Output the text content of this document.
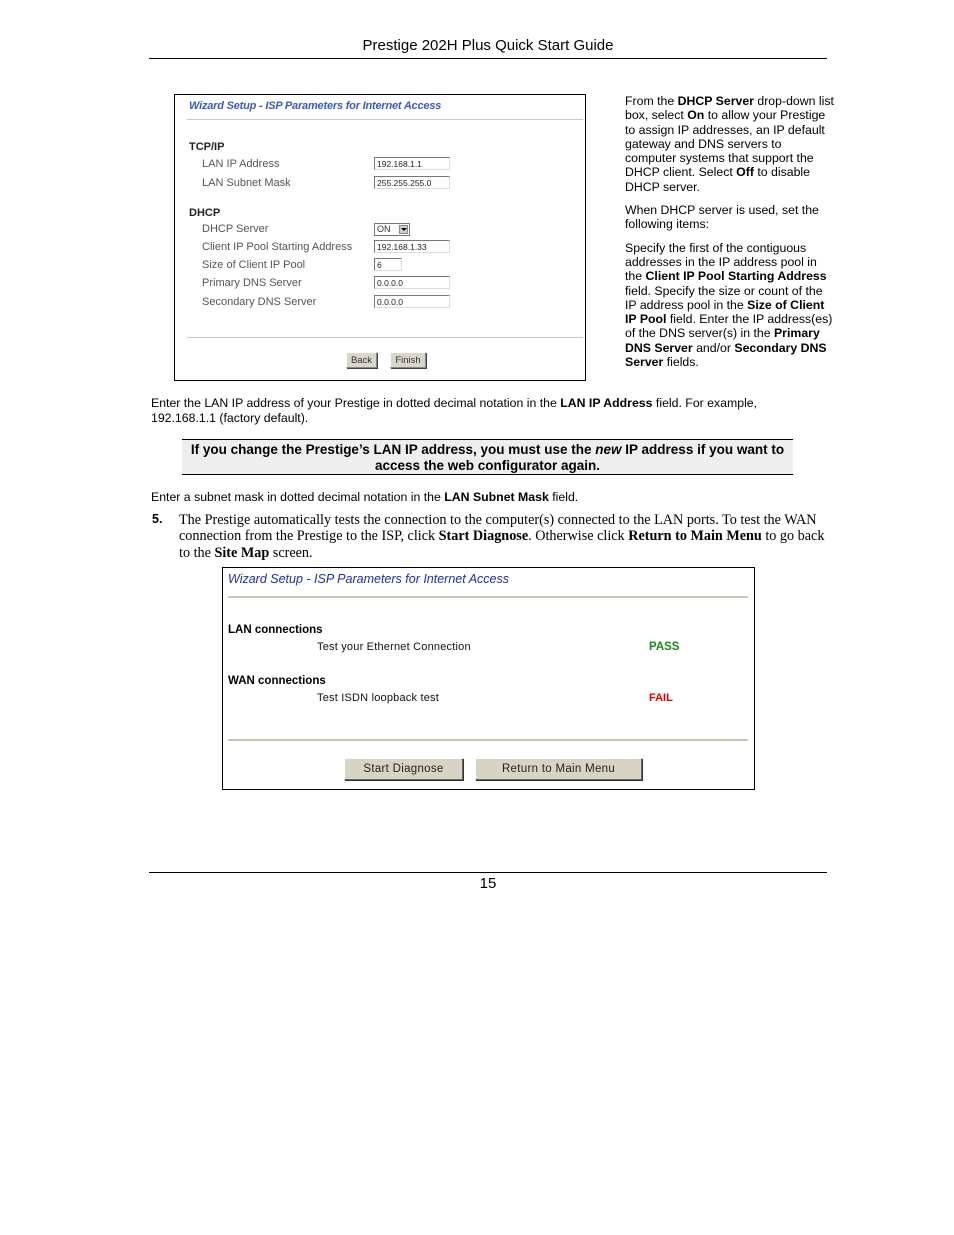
Prestige 202H Plus Quick Start Guide
Wizard Setup - ISP Parameters for Internet Access
TCP/IP
LAN IP Address	192.168.1.1
LAN Subnet Mask	255.255.255.0
DHCP
DHCP Server	ON
Client IP Pool Starting Address	192.168.1.33
Size of Client IP Pool	6
Primary DNS Server	0.0.0.0
Secondary DNS Server	0.0.0.0
Back	Finish

From the DHCP Server drop-down list box, select On to allow your Prestige to assign IP addresses, an IP default gateway and DNS servers to computer systems that support the DHCP client. Select Off to disable DHCP server.

When DHCP server is used, set the following items:

Specify the first of the contiguous addresses in the IP address pool in the Client IP Pool Starting Address field. Specify the size or count of the IP address pool in the Size of Client IP Pool field. Enter the IP address(es) of the DNS server(s) in the Primary DNS Server and/or Secondary DNS Server fields.

Enter the LAN IP address of your Prestige in dotted decimal notation in the LAN IP Address field. For example, 192.168.1.1 (factory default).
If you change the Prestige’s LAN IP address, you must use the new IP address if you want to access the web configurator again.
Enter a subnet mask in dotted decimal notation in the LAN Subnet Mask field.
5. The Prestige automatically tests the connection to the computer(s) connected to the LAN ports. To test the WAN connection from the Prestige to the ISP, click Start Diagnose. Otherwise click Return to Main Menu to go back to the Site Map screen.
Wizard Setup - ISP Parameters for Internet Access
LAN connections
Test your Ethernet Connection	PASS
WAN connections
Test ISDN loopback test	FAIL
Start Diagnose	Return to Main Menu
15
